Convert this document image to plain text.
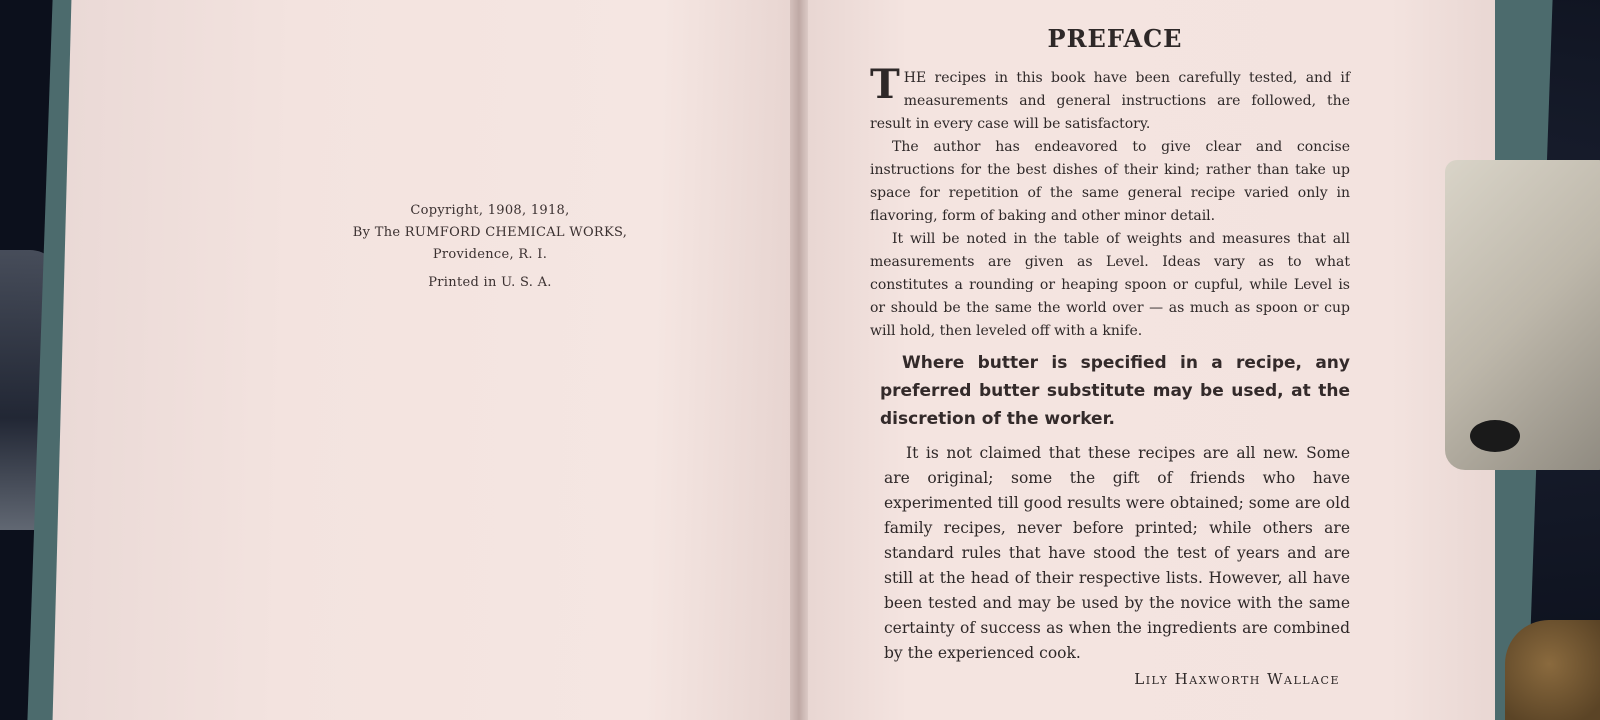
Copyright, 1908, 1918,
By The RUMFORD CHEMICAL WORKS,
Providence, R. I.
Printed in U. S. A.
PREFACE

THE recipes in this book have been carefully tested, and if measurements and general instructions are followed, the result in every case will be satisfactory.

The author has endeavored to give clear and concise instructions for the best dishes of their kind; rather than take up space for repetition of the same general recipe varied only in flavoring, form of baking and other minor detail.

It will be noted in the table of weights and measures that all measurements are given as Level. Ideas vary as to what constitutes a rounding or heaping spoon or cupful, while Level is or should be the same the world over — as much as spoon or cup will hold, then leveled off with a knife.

Where butter is specified in a recipe, any preferred butter substitute may be used, at the discretion of the worker.

It is not claimed that these recipes are all new. Some are original; some the gift of friends who have experimented till good results were obtained; some are old family recipes, never before printed; while others are standard rules that have stood the test of years and are still at the head of their respective lists. However, all have been tested and may be used by the novice with the same certainty of success as when the ingredients are combined by the experienced cook.

Lily Haxworth Wallace
